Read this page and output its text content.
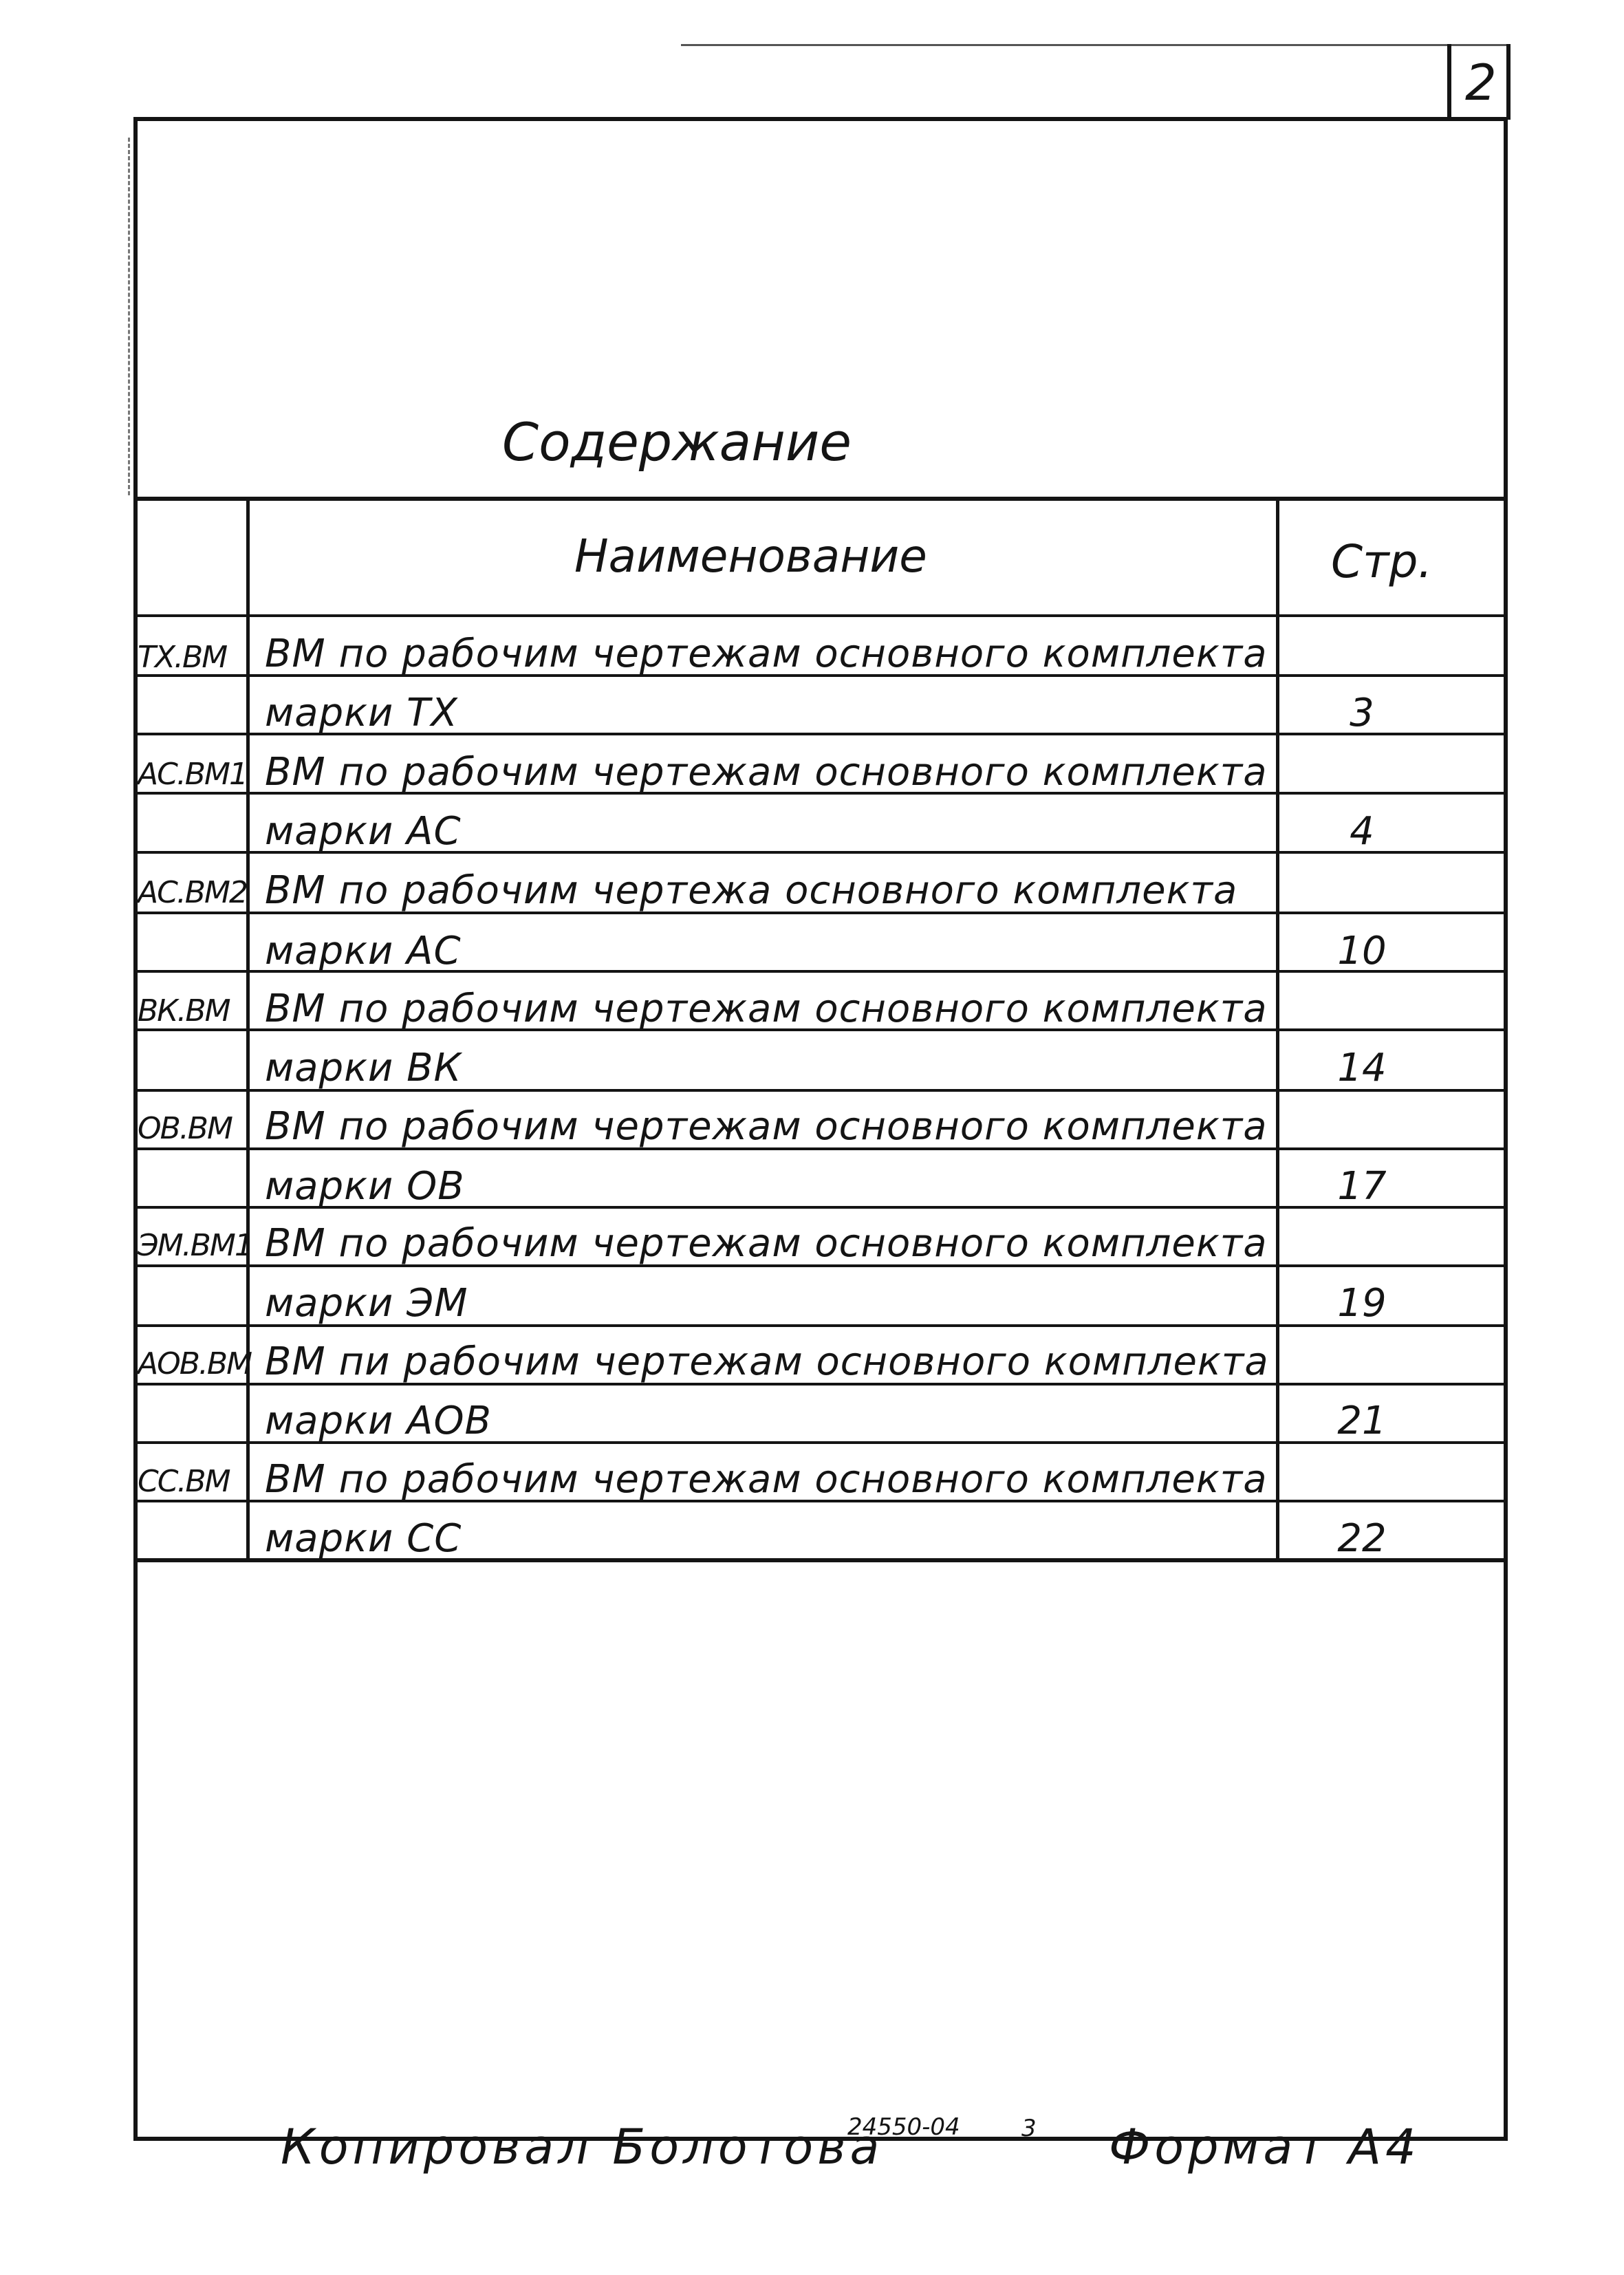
2
Содержание
Наименование	Стр.
ТХ.ВМ ВМ по рабочим чертежам основного комплекта
марки ТХ	3
АС.ВМ1 ВМ по рабочим чертежам основного комплекта
марки АС	4
АС.ВМ2 ВМ по рабочим чертежа основного комплекта
марки АС	10
ВК.ВМ ВМ по рабочим чертежам основного комплекта
марки ВК	14
ОВ.ВМ ВМ по рабочим чертежам основного комплекта
марки ОВ	17
ЭМ.ВМ1 ВМ по рабочим чертежам основного комплекта
марки ЭМ	19
АОВ.ВМ ВМ пи рабочим чертежам основного комплекта
марки АОВ	21
СС.ВМ ВМ по рабочим чертежам основного комплекта
марки СС	22
Копировал Болотова
24550-04	3 Формат А4
